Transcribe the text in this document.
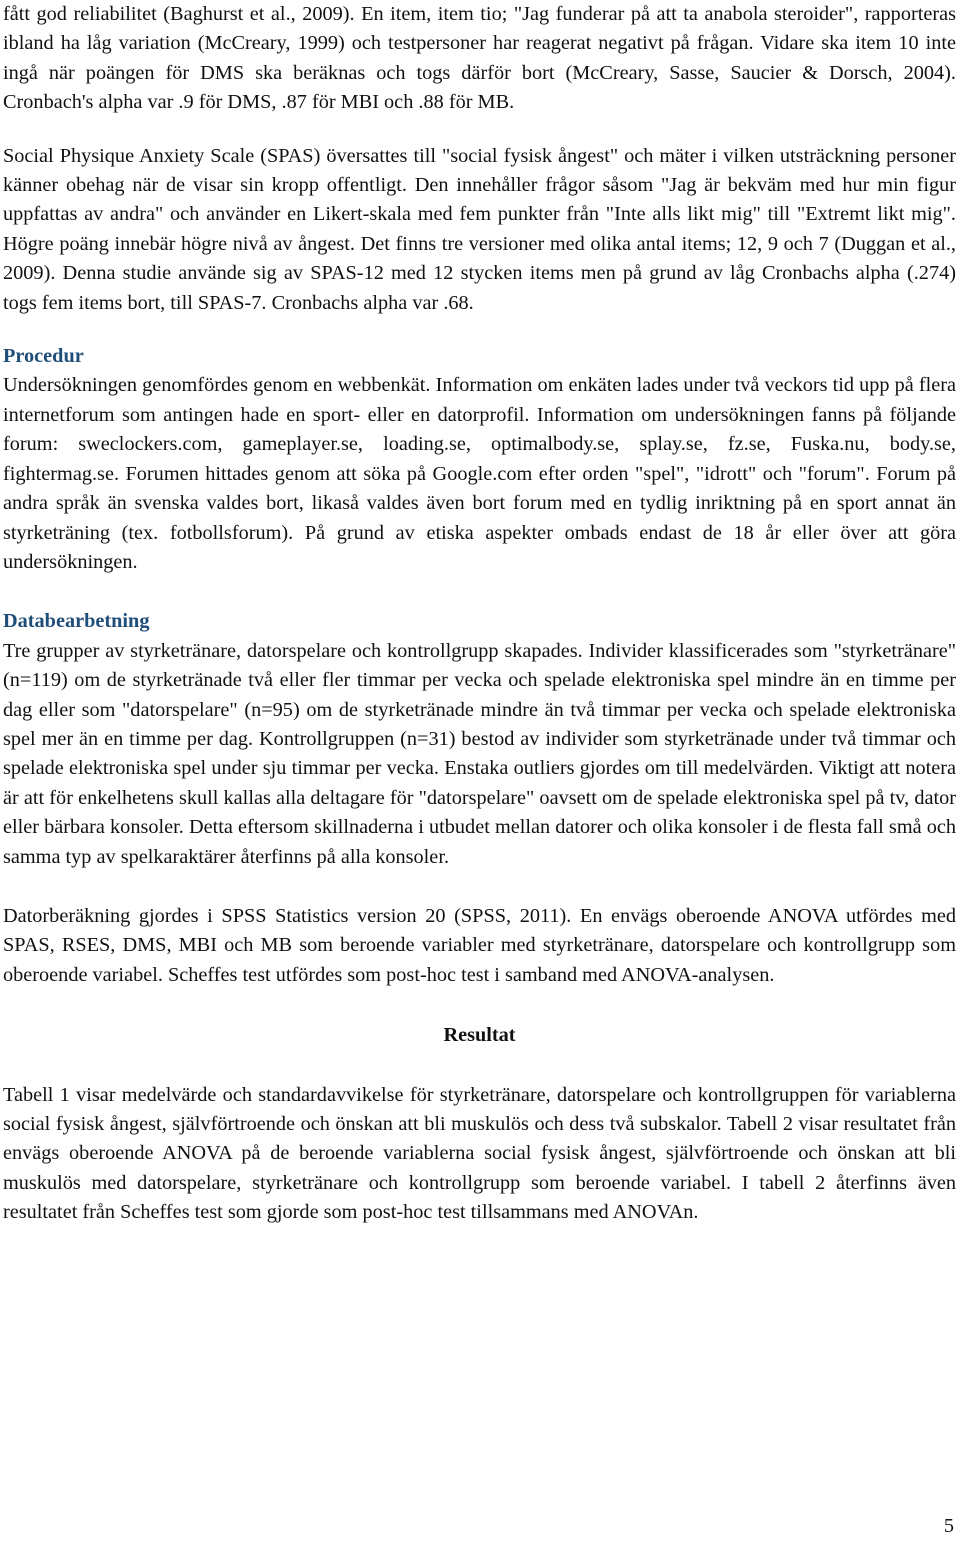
fått god reliabilitet (Baghurst et al., 2009). En item, item tio; "Jag funderar på att ta anabola steroider", rapporteras ibland ha låg variation (McCreary, 1999) och testpersoner har reagerat negativt på frågan. Vidare ska item 10 inte ingå när poängen för DMS ska beräknas och togs därför bort (McCreary, Sasse, Saucier & Dorsch, 2004). Cronbach's alpha var .9 för DMS, .87 för MBI och .88 för MB.

Social Physique Anxiety Scale (SPAS) översattes till "social fysisk ångest" och mäter i vilken utsträckning personer känner obehag när de visar sin kropp offentligt. Den innehåller frågor såsom "Jag är bekväm med hur min figur uppfattas av andra" och använder en Likert-skala med fem punkter från "Inte alls likt mig" till "Extremt likt mig". Högre poäng innebär högre nivå av ångest. Det finns tre versioner med olika antal items; 12, 9 och 7 (Duggan et al., 2009). Denna studie använde sig av SPAS-12 med 12 stycken items men på grund av låg Cronbachs alpha (.274) togs fem items bort, till SPAS-7. Cronbachs alpha var .68.

Procedur

Undersökningen genomfördes genom en webbenkät. Information om enkäten lades under två veckors tid upp på flera internetforum som antingen hade en sport- eller en datorprofil. Information om undersökningen fanns på följande forum: sweclockers.com, gameplayer.se, loading.se, optimalbody.se, splay.se, fz.se, Fuska.nu, body.se, fightermag.se. Forumen hittades genom att söka på Google.com efter orden "spel", "idrott" och "forum". Forum på andra språk än svenska valdes bort, likaså valdes även bort forum med en tydlig inriktning på en sport annat än styrketräning (tex. fotbollsforum). På grund av etiska aspekter ombads endast de 18 år eller över att göra undersökningen.

Databearbetning

Tre grupper av styrketränare, datorspelare och kontrollgrupp skapades. Individer klassificerades som "styrketränare" (n=119) om de styrketränade två eller fler timmar per vecka och spelade elektroniska spel mindre än en timme per dag eller som "datorspelare" (n=95) om de styrketränade mindre än två timmar per vecka och spelade elektroniska spel mer än en timme per dag. Kontrollgruppen (n=31) bestod av individer som styrketränade under två timmar och spelade elektroniska spel under sju timmar per vecka. Enstaka outliers gjordes om till medelvärden. Viktigt att notera är att för enkelhetens skull kallas alla deltagare för "datorspelare" oavsett om de spelade elektroniska spel på tv, dator eller bärbara konsoler. Detta eftersom skillnaderna i utbudet mellan datorer och olika konsoler i de flesta fall små och samma typ av spelkaraktärer återfinns på alla konsoler.

Datorberäkning gjordes i SPSS Statistics version 20 (SPSS, 2011). En envägs oberoende ANOVA utfördes med SPAS, RSES, DMS, MBI och MB som beroende variabler med styrketränare, datorspelare och kontrollgrupp som oberoende variabel. Scheffes test utfördes som post-hoc test i samband med ANOVA-analysen.

Resultat

Tabell 1 visar medelvärde och standardavvikelse för styrketränare, datorspelare och kontrollgruppen för variablerna social fysisk ångest, självförtroende och önskan att bli muskulös och dess två subskalor. Tabell 2 visar resultatet från envägs oberoende ANOVA på de beroende variablerna social fysisk ångest, självförtroende och önskan att bli muskulös med datorspelare, styrketränare och kontrollgrupp som beroende variabel. I tabell 2 återfinns även resultatet från Scheffes test som gjorde som post-hoc test tillsammans med ANOVAn.

5
